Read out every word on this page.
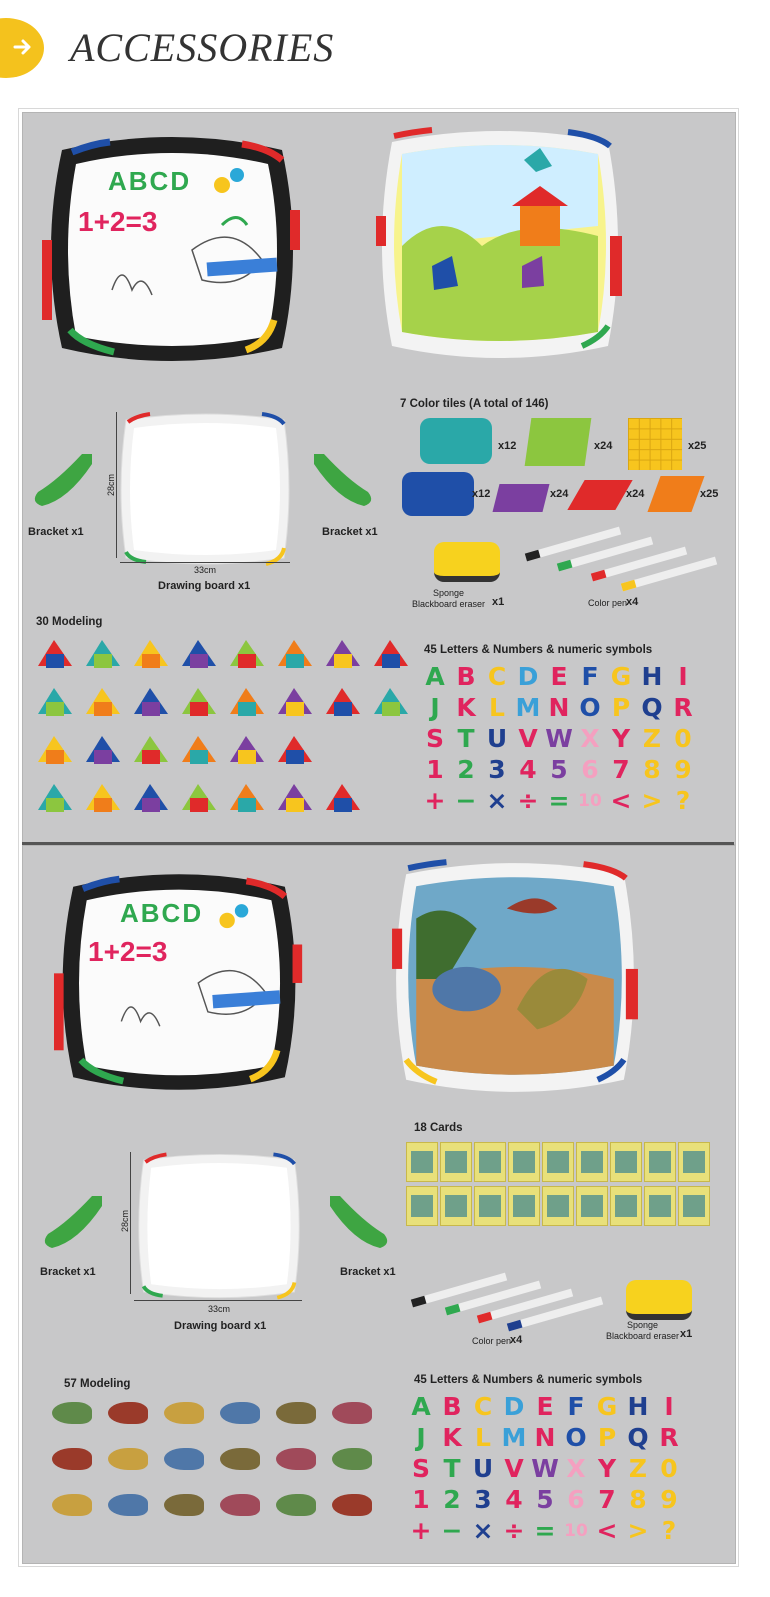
ACCESSORIES
ABCD
1+2=3
Bracket x1	Bracket x1
28cm
33cm
Drawing board x1
7 Color tiles (A total of 146)
x12	x24	x25
x12	x24	x24	x25
Sponge
Blackboard eraser x1	Color pen
x4
30 Modeling
45 Letters & Numbers & numeric symbols
A B C D E F G H I
J K L M N O P Q R
S T U V W X Y Z 0
1 2 3 4 5 6 7 8 9
+ − × ÷ = 10 < > ?
ABCD
1+2=3
18 Cards
Bracket x1	Bracket x1
28cm
33cm
Drawing board x1
Color pen
x4
Sponge
Blackboard eraser x1
57 Modeling	45 Letters & Numbers & numeric symbols
A B C D E F G H I
J K L M N O P Q R
S T U V W X Y Z 0
1 2 3 4 5 6 7 8 9
+ − × ÷ = 10 < > ?
